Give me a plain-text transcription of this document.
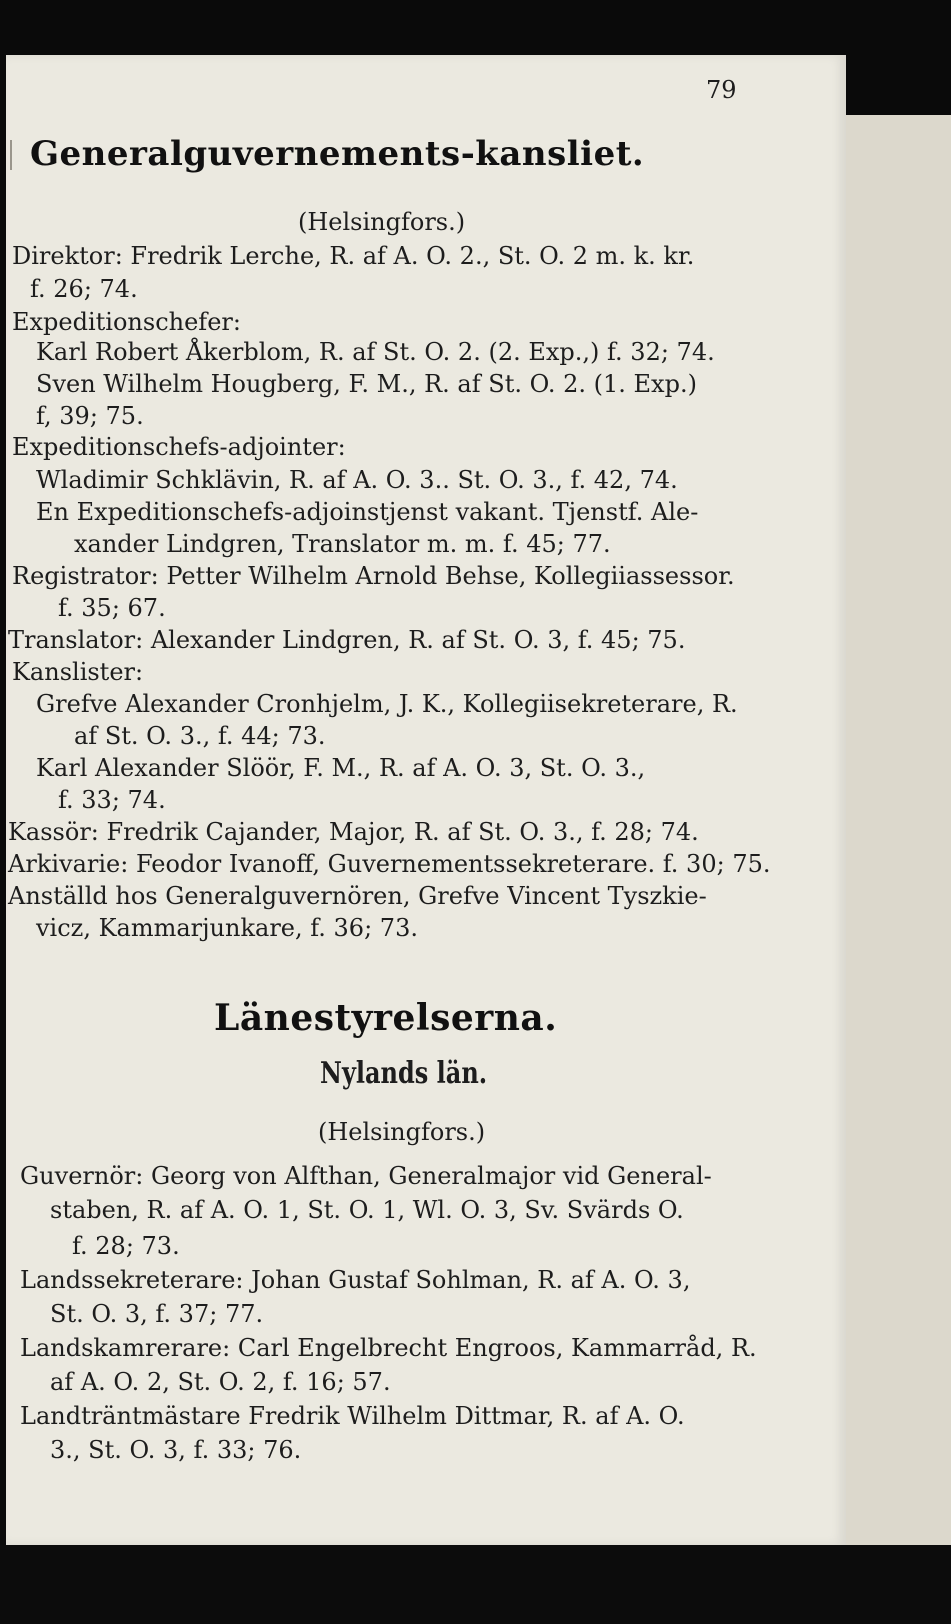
79
Generalguvernements-kansliet.
(Helsingfors.)
Direktor: Fredrik Lerche, R. af A. O. 2., St. O. 2 m. k. kr.
f. 26; 74.
Expeditionschefer:
Karl Robert Åkerblom, R. af St. O. 2. (2. Exp.,) f. 32; 74.
Sven Wilhelm Hougberg, F. M., R. af St. O. 2. (1. Exp.)
f, 39; 75.
Expeditionschefs-adjointer:
Wladimir Schklävin, R. af A. O. 3.. St. O. 3., f. 42, 74.
En Expeditionschefs-adjoinstjenst vakant. Tjenstf. Ale-
xander Lindgren, Translator m. m. f. 45; 77.
Registrator: Petter Wilhelm Arnold Behse, Kollegiiassessor.
f. 35; 67.
Translator: Alexander Lindgren, R. af St. O. 3, f. 45; 75.
Kanslister:
Grefve Alexander Cronhjelm, J. K., Kollegiisekreterare, R.
af St. O. 3., f. 44; 73.
Karl Alexander Slöör, F. M., R. af A. O. 3, St. O. 3.,
f. 33; 74.
Kassör: Fredrik Cajander, Major, R. af St. O. 3., f. 28; 74.
Arkivarie: Feodor Ivanoff, Guvernementssekreterare. f. 30; 75.
Anställd hos Generalguvernören, Grefve Vincent Tyszkie-
vicz, Kammarjunkare, f. 36; 73.
Länestyrelserna.
Nylands län.
(Helsingfors.)
Guvernör: Georg von Alfthan, Generalmajor vid General-
staben, R. af A. O. 1, St. O. 1, Wl. O. 3, Sv. Svärds O.
f. 28; 73.
Landssekreterare: Johan Gustaf Sohlman, R. af A. O. 3,
St. O. 3, f. 37; 77.
Landskamrerare: Carl Engelbrecht Engroos, Kammarråd, R.
af A. O. 2, St. O. 2, f. 16; 57.
Landträntmästare Fredrik Wilhelm Dittmar, R. af A. O.
3., St. O. 3, f. 33; 76.
